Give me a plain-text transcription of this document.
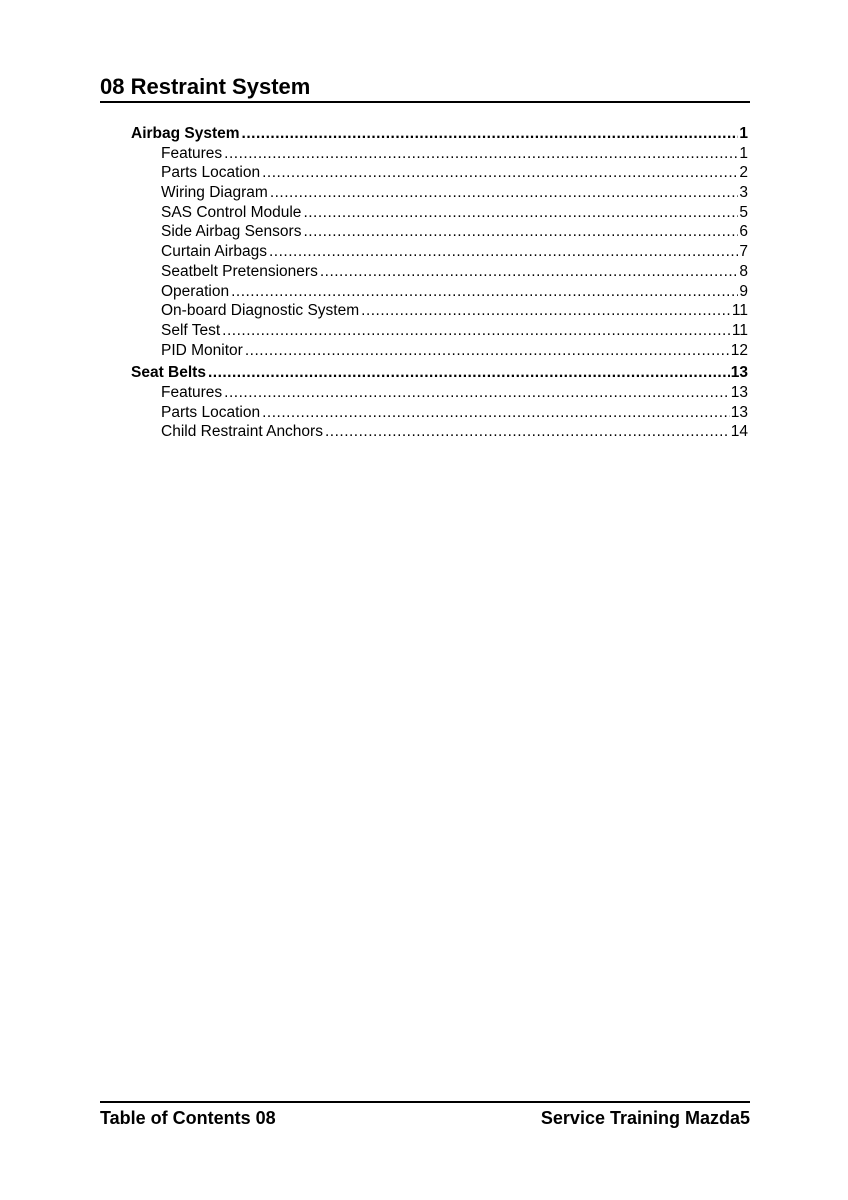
08 Restraint System
Airbag System .....	1
Features .....	1
Parts Location .....	2
Wiring Diagram .....	3
SAS Control Module .....	5
Side Airbag Sensors .....	6
Curtain Airbags .....	7
Seatbelt Pretensioners .....	8
Operation .....	9
On-board Diagnostic System .....	11
Self Test .....	11
PID Monitor .....	12
Seat Belts .....	13
Features .....	13
Parts Location .....	13
Child Restraint Anchors .....	14
Table of Contents 08	Service Training Mazda5
